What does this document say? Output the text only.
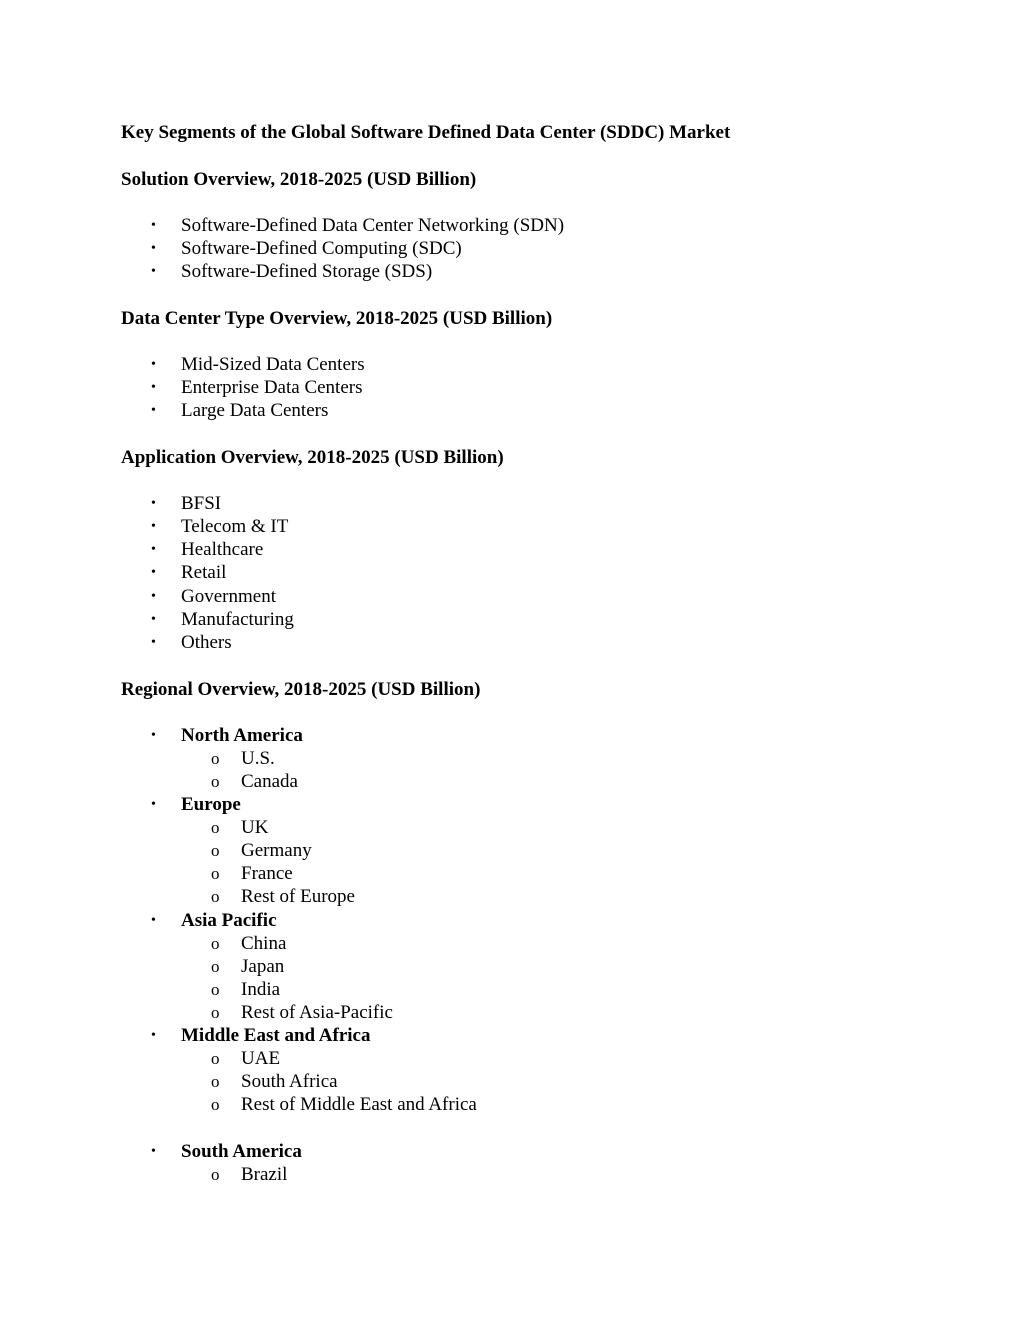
Key Segments of the Global Software Defined Data Center (SDDC) Market
Solution Overview, 2018-2025 (USD Billion)
• Software-Defined Data Center Networking (SDN)
• Software-Defined Computing (SDC)
• Software-Defined Storage (SDS)
Data Center Type Overview, 2018-2025 (USD Billion)
• Mid-Sized Data Centers
• Enterprise Data Centers
• Large Data Centers
Application Overview, 2018-2025 (USD Billion)
• BFSI
• Telecom & IT
• Healthcare
• Retail
• Government
• Manufacturing
• Others
Regional Overview, 2018-2025 (USD Billion)
• North America
o U.S.
o Canada
• Europe
o UK
o Germany
o France
o Rest of Europe
• Asia Pacific
o China
o Japan
o India
o Rest of Asia-Pacific
• Middle East and Africa
o UAE
o South Africa
o Rest of Middle East and Africa
• South America
o Brazil
